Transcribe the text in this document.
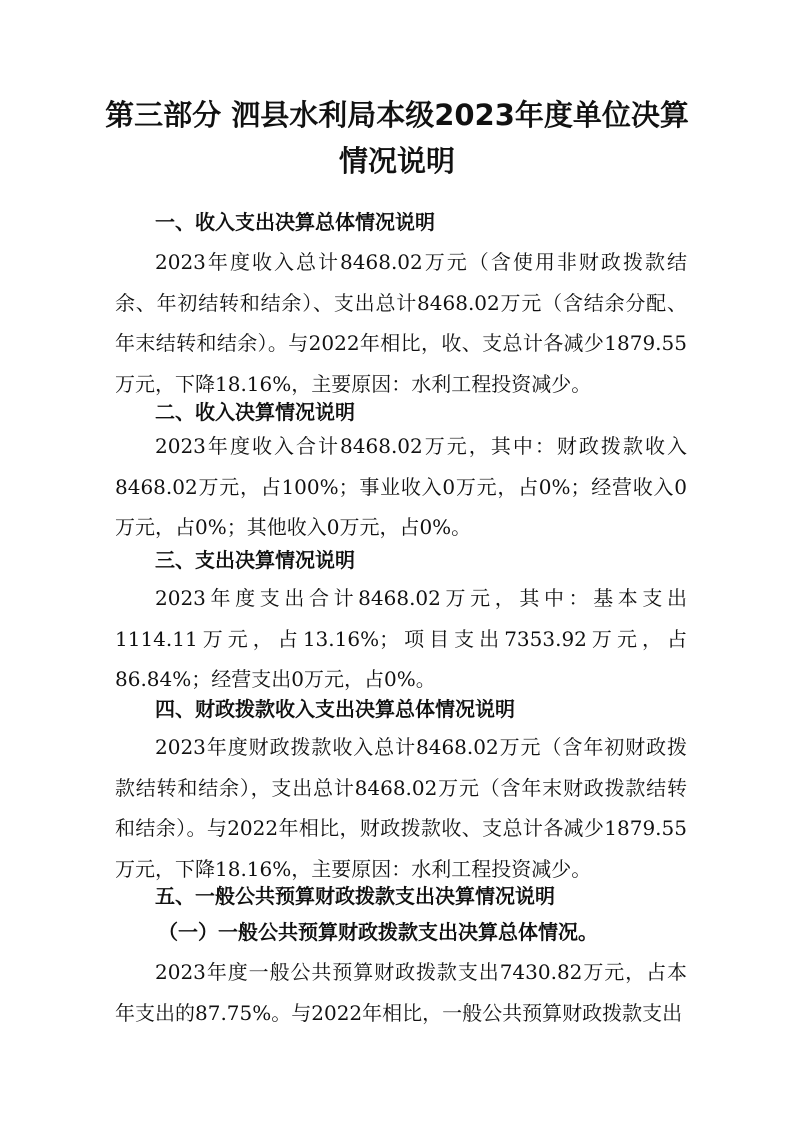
第三部分 泗县水利局本级2023年度单位决算
情况说明
一、收入支出决算总体情况说明
2023年度收入总计8468.02万元（含使用非财政拨款结余、年初结转和结余）、支出总计8468.02万元（含结余分配、年末结转和结余）。与2022年相比，收、支总计各减少1879.55万元，下降18.16%，主要原因：水利工程投资减少。
二、收入决算情况说明
2023年度收入合计8468.02万元，其中：财政拨款收入8468.02万元，占100%；事业收入0万元，占0%；经营收入0万元，占0%；其他收入0万元，占0%。
三、支出决算情况说明
2023年度支出合计8468.02万元，其中：基本支出1114.11万元，占13.16%；项目支出7353.92万元，占86.84%；经营支出0万元，占0%。
四、财政拨款收入支出决算总体情况说明
2023年度财政拨款收入总计8468.02万元（含年初财政拨款结转和结余），支出总计8468.02万元（含年末财政拨款结转和结余）。与2022年相比，财政拨款收、支总计各减少1879.55万元，下降18.16%，主要原因：水利工程投资减少。
五、一般公共预算财政拨款支出决算情况说明
（一）一般公共预算财政拨款支出决算总体情况。
2023年度一般公共预算财政拨款支出7430.82万元，占本年支出的87.75%。与2022年相比，一般公共预算财政拨款支出
